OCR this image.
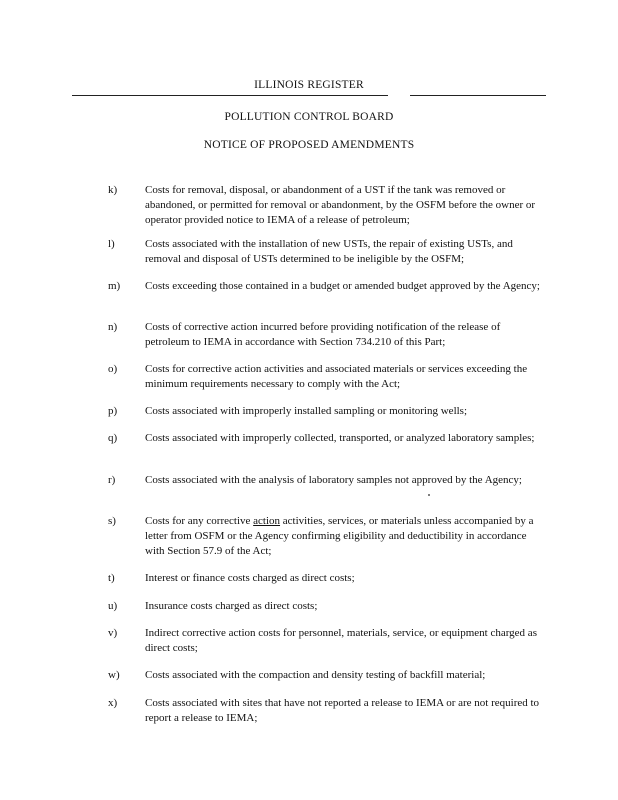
ILLINOIS REGISTER
POLLUTION CONTROL BOARD
NOTICE OF PROPOSED AMENDMENTS
k)	Costs for removal, disposal, or abandonment of a UST if the tank was removed or abandoned, or permitted for removal or abandonment, by the OSFM before the owner or operator provided notice to IEMA of a release of petroleum;
l)	Costs associated with the installation of new USTs, the repair of existing USTs, and removal and disposal of USTs determined to be ineligible by the OSFM;
m)	Costs exceeding those contained in a budget or amended budget approved by the Agency;
n)	Costs of corrective action incurred before providing notification of the release of petroleum to IEMA in accordance with Section 734.210 of this Part;
o)	Costs for corrective action activities and associated materials or services exceeding the minimum requirements necessary to comply with the Act;
p)	Costs associated with improperly installed sampling or monitoring wells;
q)	Costs associated with improperly collected, transported, or analyzed laboratory samples;
r)	Costs associated with the analysis of laboratory samples not approved by the Agency;
s)	Costs for any corrective action activities, services, or materials unless accompanied by a letter from OSFM or the Agency confirming eligibility and deductibility in accordance with Section 57.9 of the Act;
t)	Interest or finance costs charged as direct costs;
u)	Insurance costs charged as direct costs;
v)	Indirect corrective action costs for personnel, materials, service, or equipment charged as direct costs;
w)	Costs associated with the compaction and density testing of backfill material;
x)	Costs associated with sites that have not reported a release to IEMA or are not required to report a release to IEMA;
